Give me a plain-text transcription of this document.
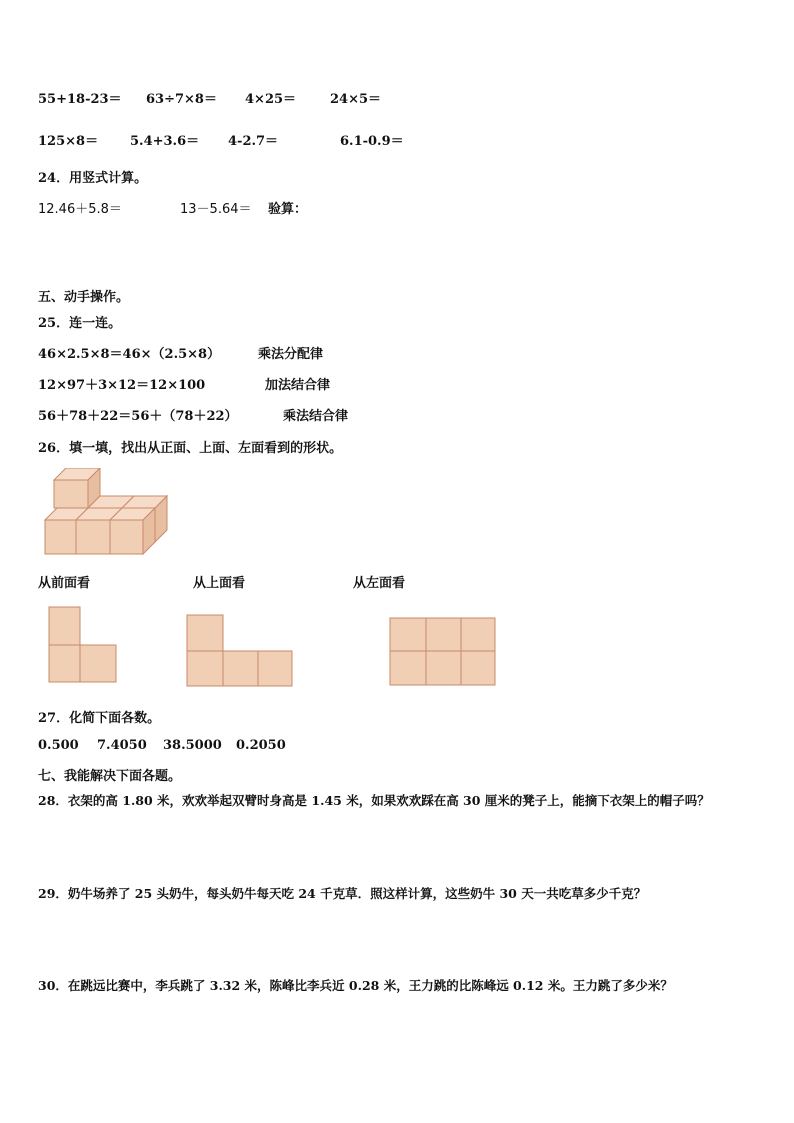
55+18-23＝ 63÷7×8＝ 4×25＝	24×5＝
125×8＝ 5.4+3.6＝ 4-2.7＝	6.1-0.9＝
24．用竖式计算。
12.46＋5.8＝	13－5.64＝ 验算：
五、动手操作。
25．连一连。
46×2.5×8＝46×（2.5×8）	乘法分配律
12×97＋3×12＝12×100	加法结合律
56＋78＋22＝56＋（78＋22）	乘法结合律
26．填一填，找出从正面、上面、左面看到的形状。
从前面看	从上面看	从左面看
27．化简下面各数。
0.500 7.4050 38.5000 0.2050
七、我能解决下面各题。
28．衣架的高 1.80 米，欢欢举起双臂时身高是 1.45 米，如果欢欢踩在高 30 厘米的凳子上，能摘下衣架上的帽子吗？
29．奶牛场养了 25 头奶牛，每头奶牛每天吃 24 千克草．照这样计算，这些奶牛 30 天一共吃草多少千克？
30．在跳远比赛中，李兵跳了 3.32 米，陈峰比李兵近 0.28 米，王力跳的比陈峰远 0.12 米。王力跳了多少米？
